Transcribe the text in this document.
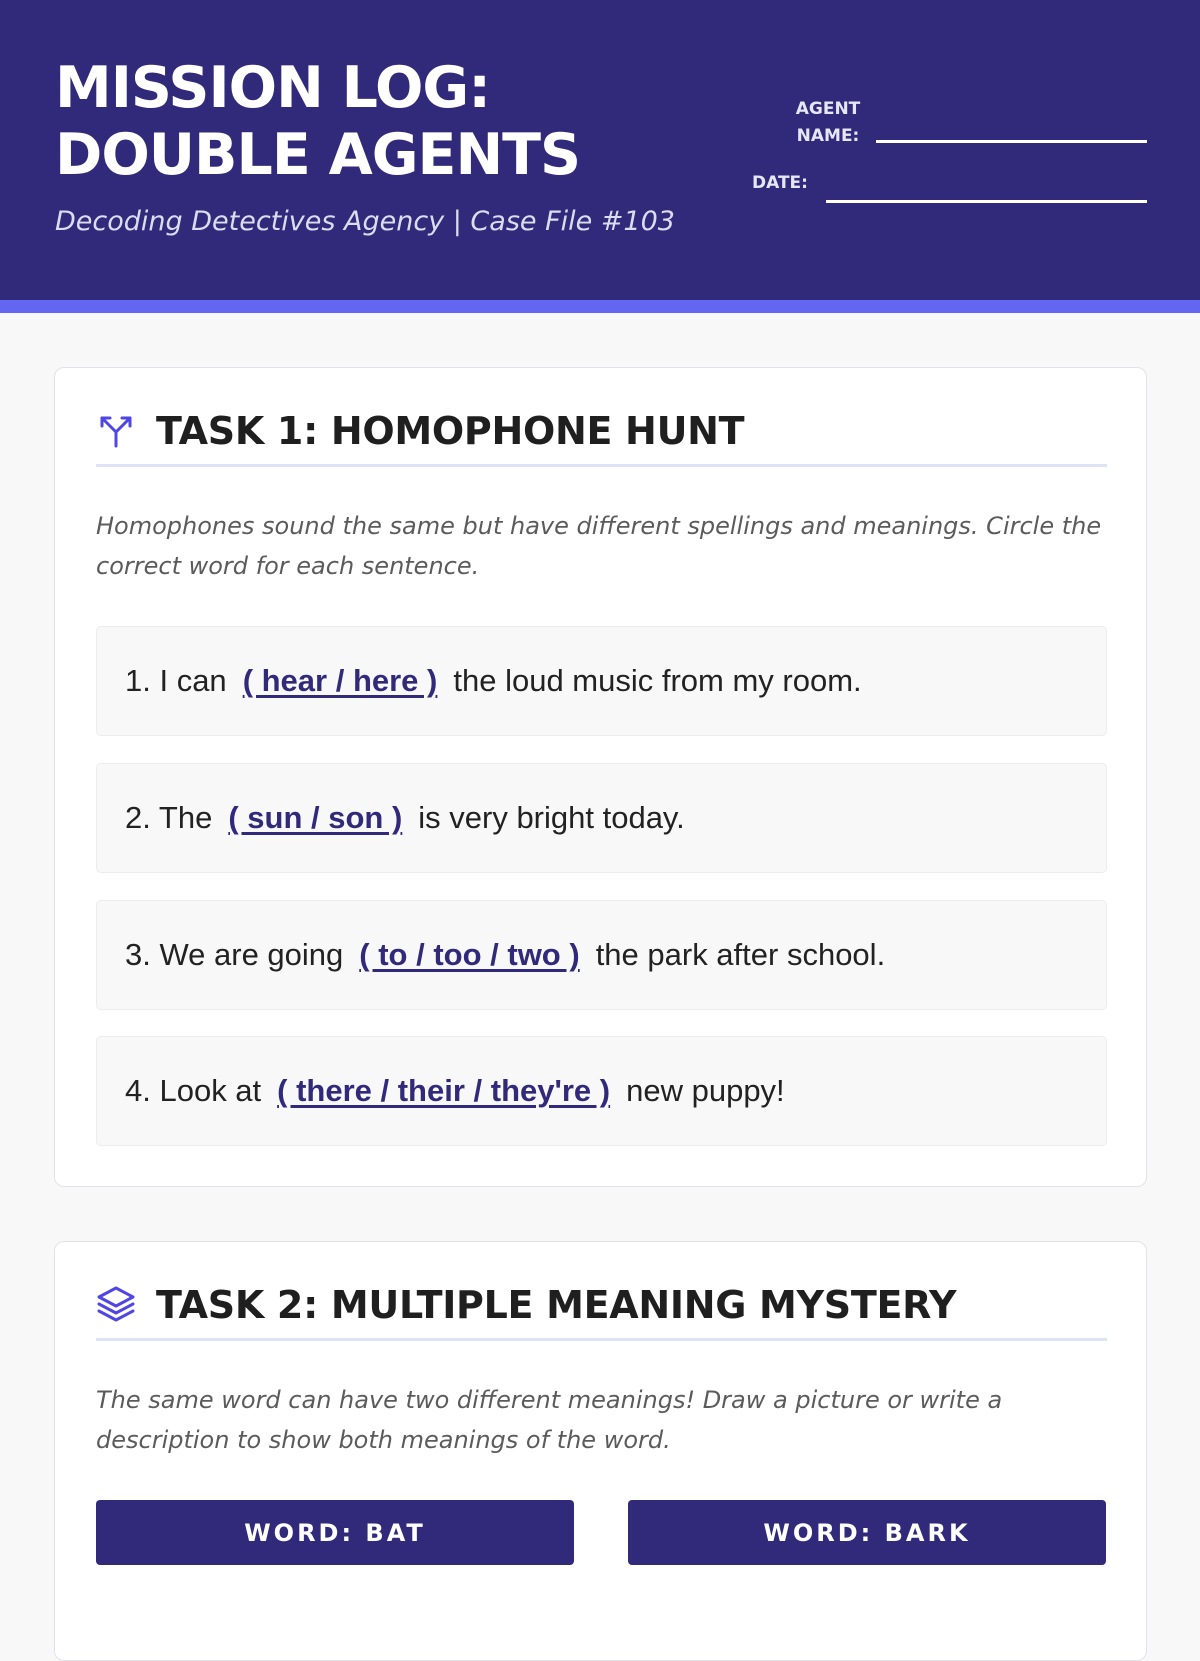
MISSION LOG:
DOUBLE AGENTS
Decoding Detectives Agency | Case File #103
AGENT
NAME:
DATE:
TASK 1: HOMOPHONE HUNT

Homophones sound the same but have different spellings and meanings. Circle the correct word for each sentence.

1. I can ( hear / here ) the loud music from my room.
2. The ( sun / son ) is very bright today.
3. We are going ( to / too / two ) the park after school.
4. Look at ( there / their / they're ) new puppy!
TASK 2: MULTIPLE MEANING MYSTERY

The same word can have two different meanings! Draw a picture or write a description to show both meanings of the word.

WORD: BAT	WORD: BARK
